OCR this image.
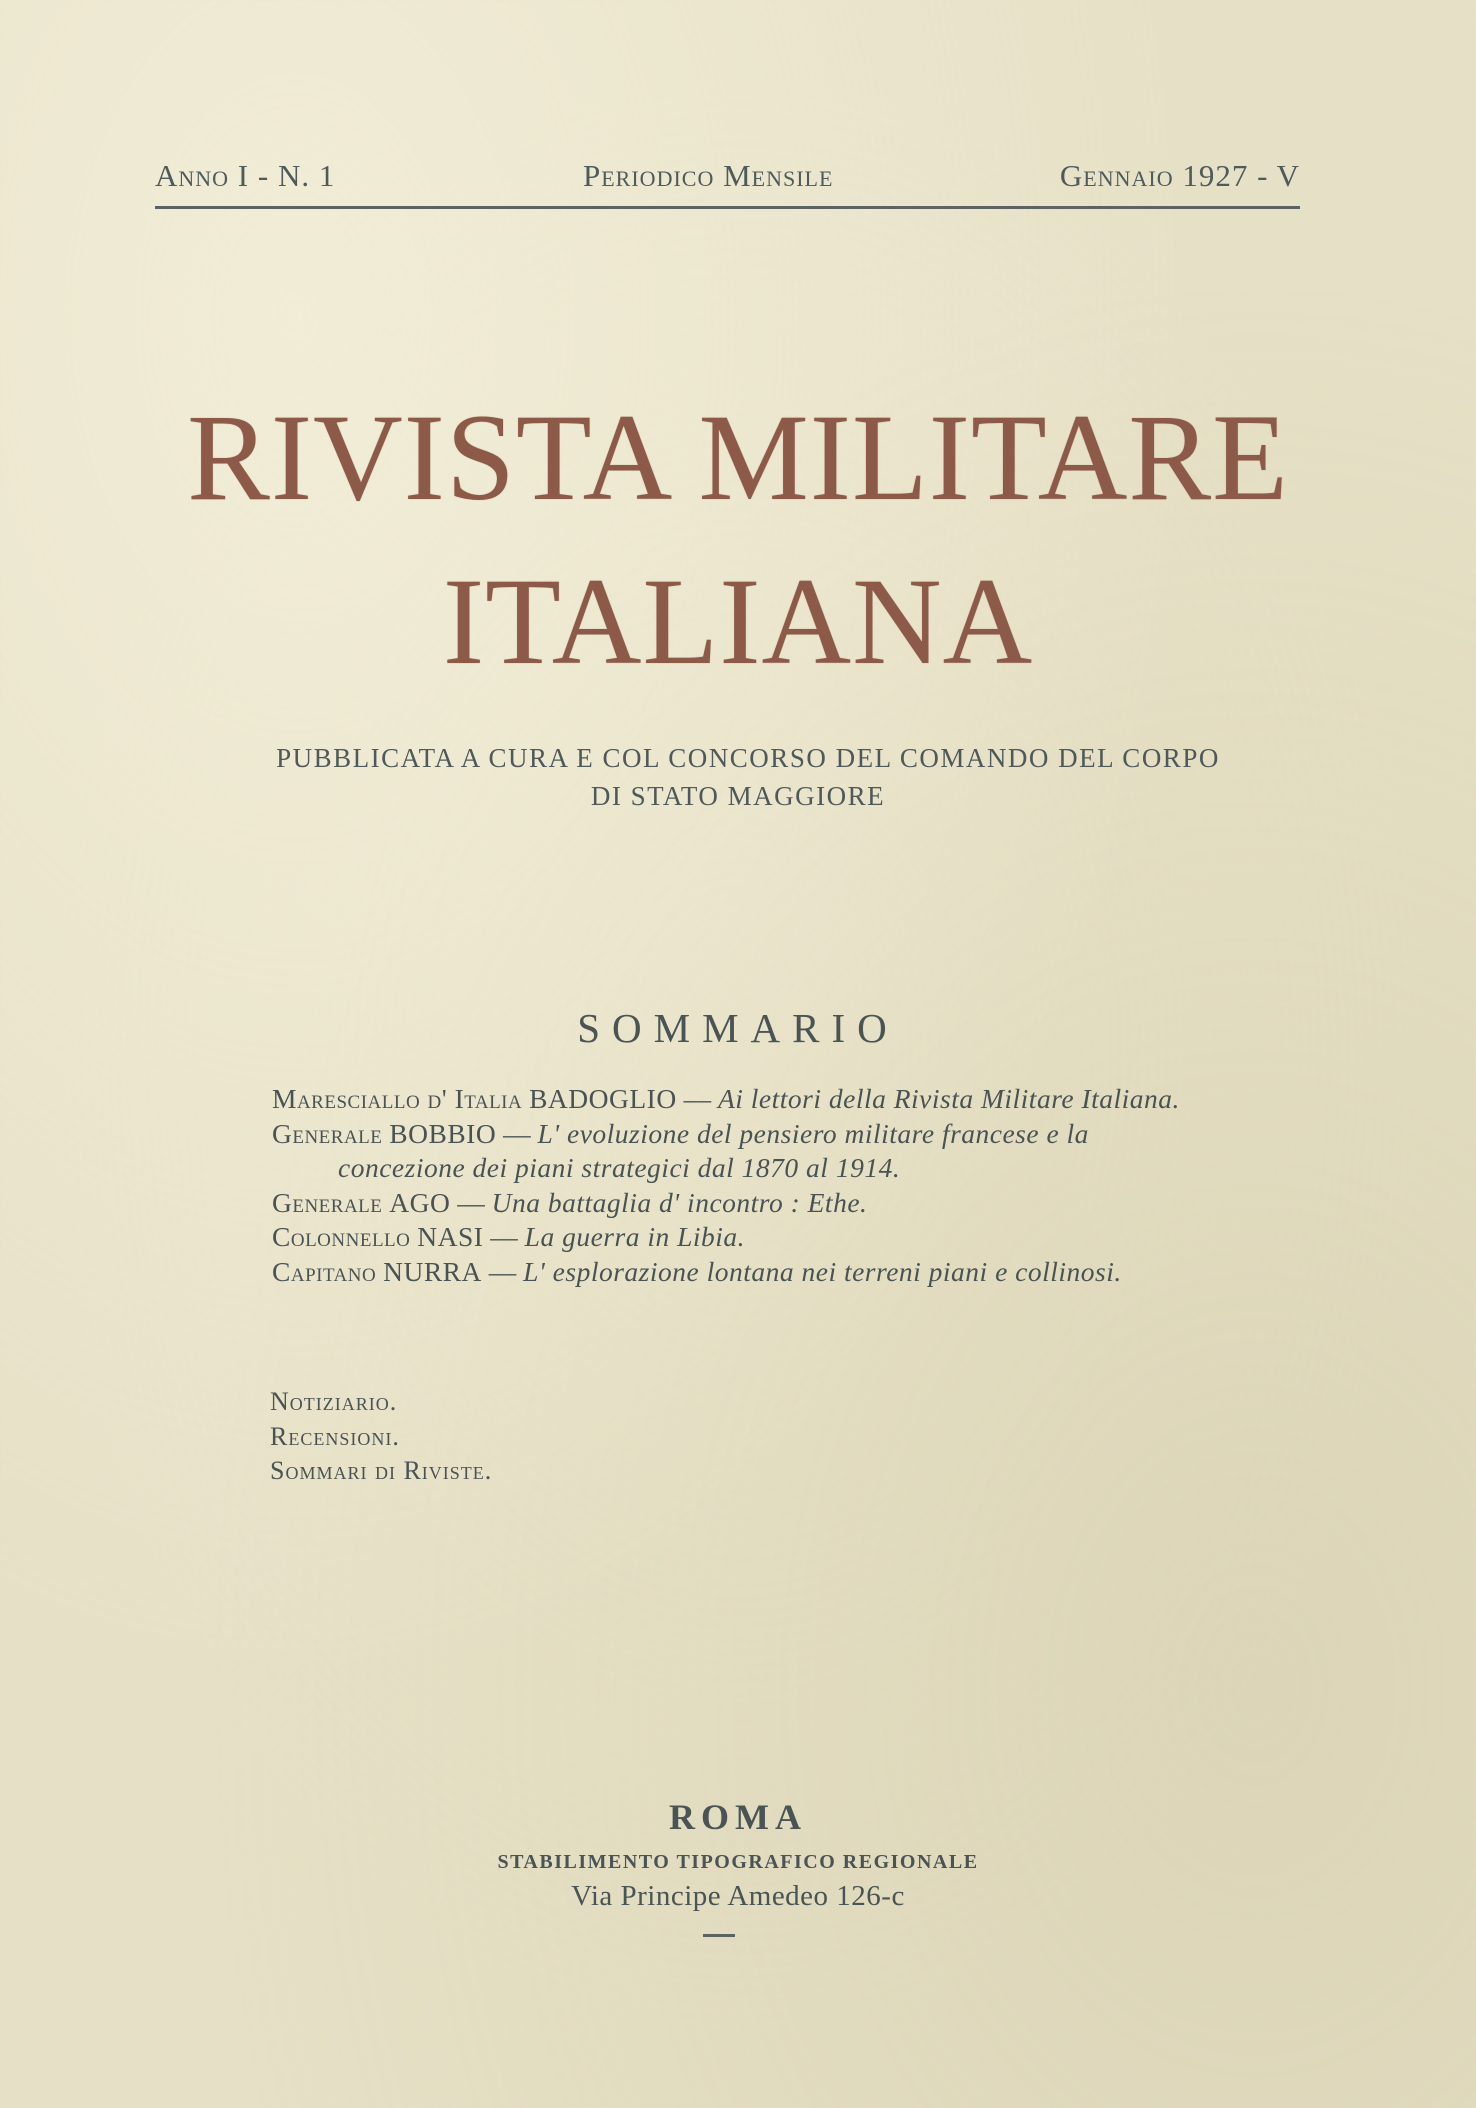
Anno I - N. 1	Periodico Mensile	Gennaio 1927 - V
RIVISTA MILITARE
ITALIANA
PUBBLICATA A CURA E COL CONCORSO DEL COMANDO DEL CORPO
DI STATO MAGGIORE
SOMMARIO

Maresciallo d' Italia BADOGLIO — Ai lettori della Rivista Militare Italiana.

Generale BOBBIO — L' evoluzione del pensiero militare francese e la concezione dei piani strategici dal 1870 al 1914.

Generale AGO — Una battaglia d' incontro : Ethe.

Colonnello NASI — La guerra in Libia.

Capitano NURRA — L' esplorazione lontana nei terreni piani e collinosi.

Notiziario.
Recensioni.
Sommari di Riviste.
ROMA
STABILIMENTO TIPOGRAFICO REGIONALE
Via Principe Amedeo 126-c
